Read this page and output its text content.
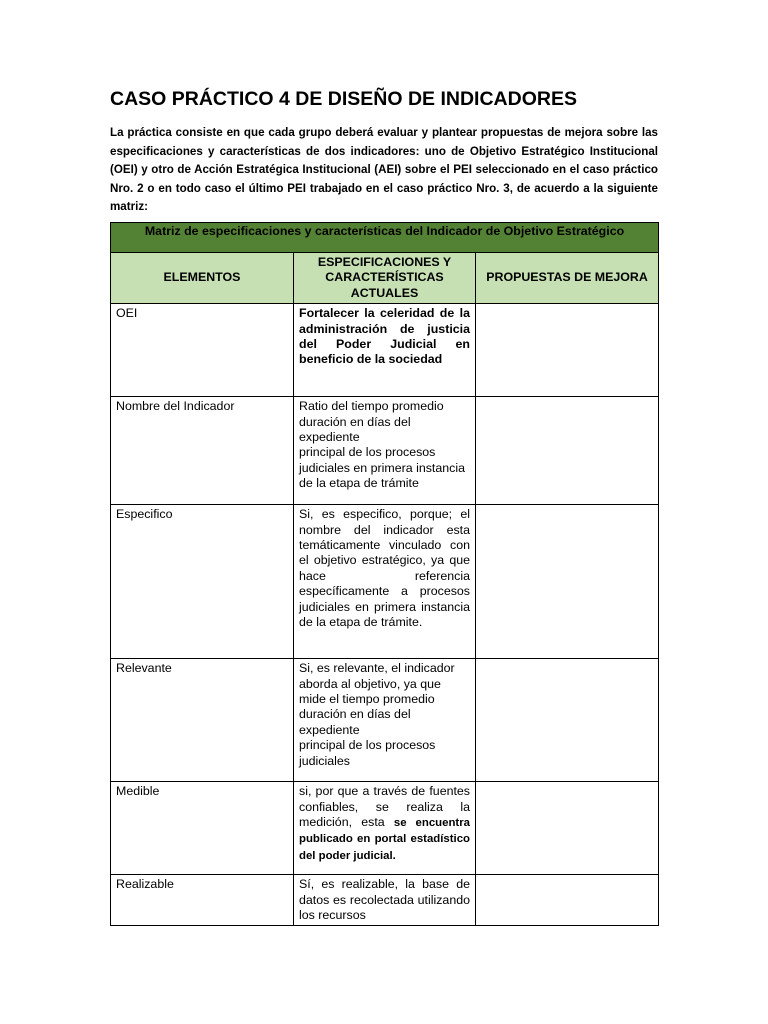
CASO PRÁCTICO 4 DE DISEÑO DE INDICADORES

La práctica consiste en que cada grupo deberá evaluar y plantear propuestas de mejora sobre las especificaciones y características de dos indicadores: uno de Objetivo Estratégico Institucional (OEI) y otro de Acción Estratégica Institucional (AEI) sobre el PEI seleccionado en el caso práctico Nro. 2 o en todo caso el último PEI trabajado en el caso práctico Nro. 3, de acuerdo a la siguiente matriz:

Matriz de especificaciones y características del Indicador de Objetivo Estratégico		
ELEMENTOS	ESPECIFICACIONES Y CARACTERÍSTICAS ACTUALES	PROPUESTAS DE MEJORA
OEI	Fortalecer la celeridad de la administración de justicia del Poder Judicial en beneficio de la sociedad	
Nombre del Indicador	Ratio del tiempo promedio duración en días del expediente
principal de los procesos judiciales en primera instancia
de la etapa de trámite	

Especifico	Si, es especifico, porque; el nombre del indicador esta temáticamente vinculado con el objetivo estratégico, ya que hace referencia específicamente a procesos judiciales en primera instancia de la etapa de trámite.	
Relevante	Si, es relevante, el indicador aborda al objetivo, ya que mide el tiempo promedio duración en días del expediente
principal de los procesos judiciales	

Medible	si, por que a través de fuentes confiables, se realiza la medición, esta se encuentra publicado en portal estadístico del poder judicial.	
Realizable	Sí, es realizable, la base de datos es recolectada utilizando los recursos	
